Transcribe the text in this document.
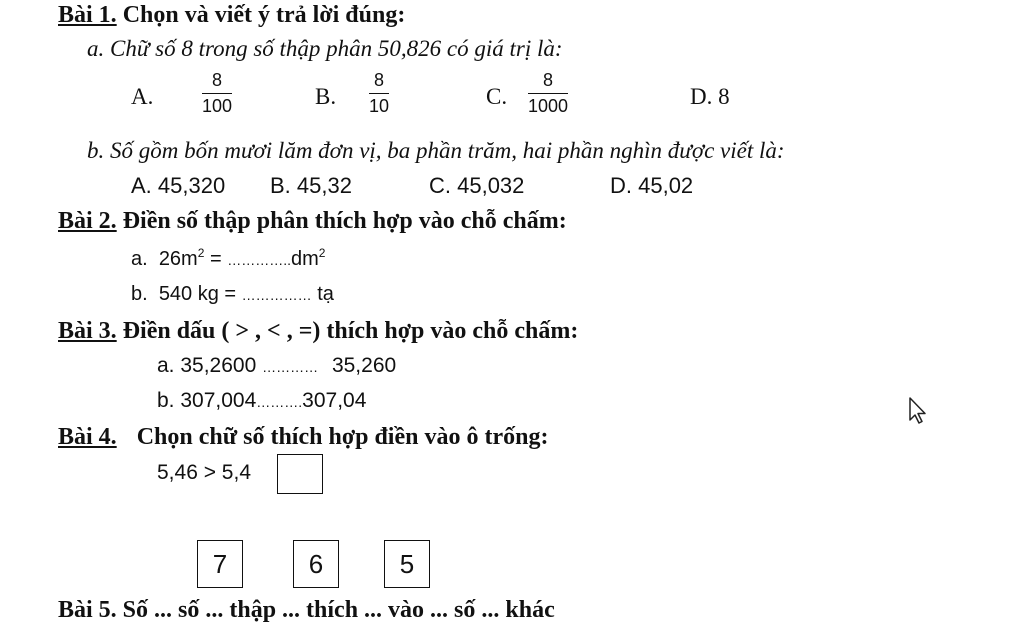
Bài 1. Chọn và viết ý trả lời đúng:
a. Chữ số 8 trong số thập phân 50,826 có giá trị là:
A.
8
100	B.
8
10	C.
8
1000	D. 8
b. Số gồm bốn mươi lăm đơn vị, ba phần trăm, hai phần nghìn được viết là:
A. 45,320 B. 45,32	C. 45,032	D. 45,02
Bài 2. Điền số thập phân thích hợp vào chỗ chấm:
a. $26m^2$ = $\dots\dots\dots\dots..dm^2$
b. 540 kg = …………… tạ
Bài 3. Điền dấu ( > , < , =) thích hợp vào chỗ chấm:
a. 35,2600 ………… 35,260
b. 307,004……….307,04
Bài 4. Chọn chữ số thích hợp điền vào ô trống:
5,46 > 5,4
7	6	5
Bài 5. Số ... số ... thập ... thích ... vào ... số ... khác
